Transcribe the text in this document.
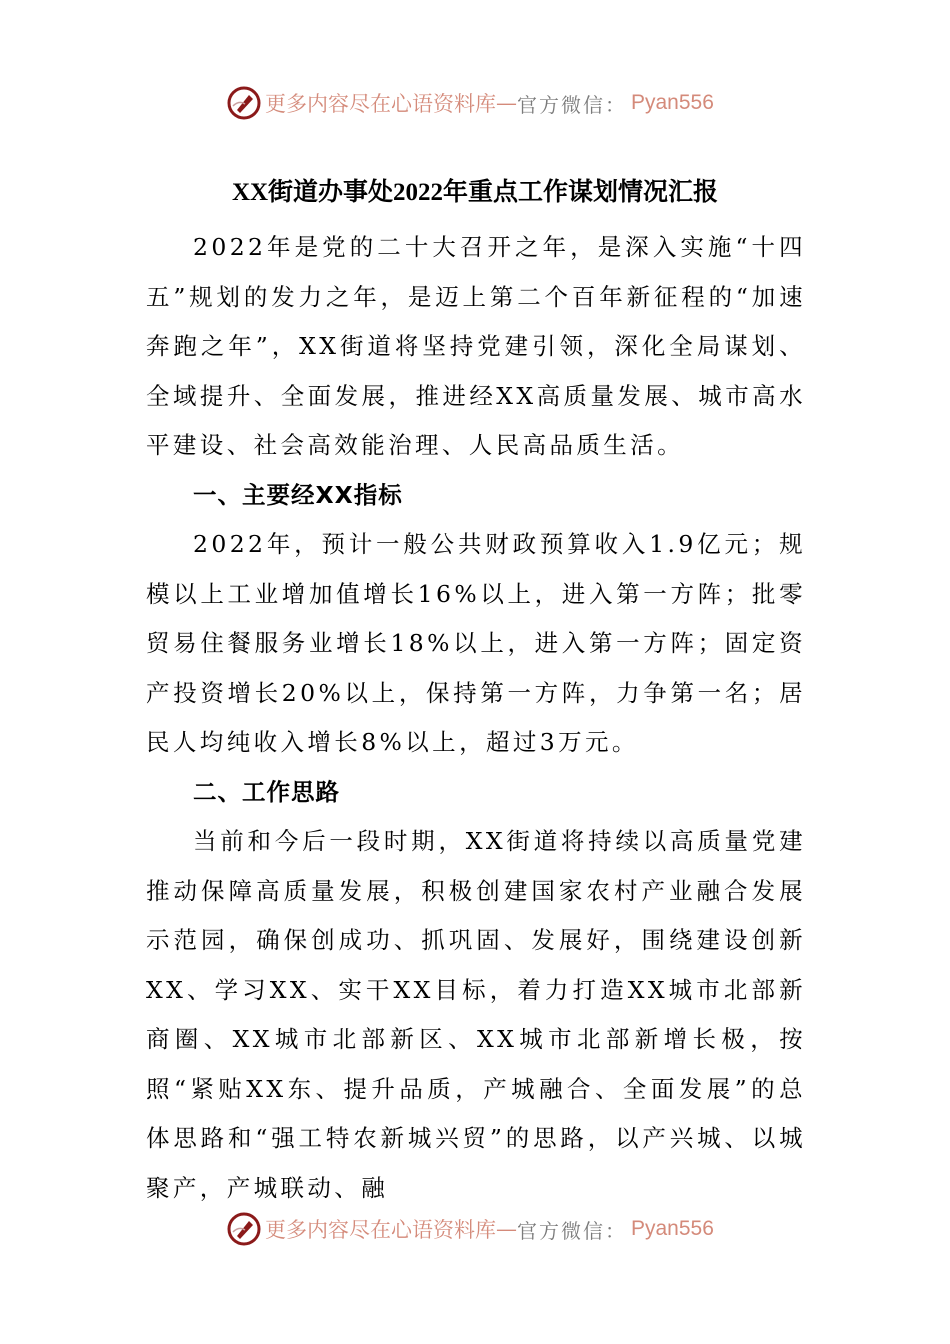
更多内容尽在心语资料库 — 官方微信： Pyan556
XX街道办事处2022年重点工作谋划情况汇报

2022年是党的二十大召开之年，是深入实施“十四五”规划的发力之年，是迈上第二个百年新征程的“加速奔跑之年”，XX街道将坚持党建引领，深化全局谋划、全域提升、全面发展，推进经XX高质量发展、城市高水平建设、社会高效能治理、人民高品质生活。

一、主要经XX指标

2022年，预计一般公共财政预算收入1.9亿元；规模以上工业增加值增长16%以上，进入第一方阵；批零贸易住餐服务业增长18%以上，进入第一方阵；固定资产投资增长20%以上，保持第一方阵，力争第一名；居民人均纯收入增长8%以上，超过3万元。

二、工作思路

当前和今后一段时期，XX街道将持续以高质量党建推动保障高质量发展，积极创建国家农村产业融合发展示范园，确保创成功、抓巩固、发展好，围绕建设创新XX、学习XX、实干XX目标，着力打造XX城市北部新商圈、XX城市北部新区、XX城市北部新增长极，按照“紧贴XX东、提升品质，产城融合、全面发展”的总体思路和“强工特农新城兴贸”的思路，以产兴城、以城聚产，产城联动、融

更多内容尽在心语资料库 — 官方微信： Pyan556
